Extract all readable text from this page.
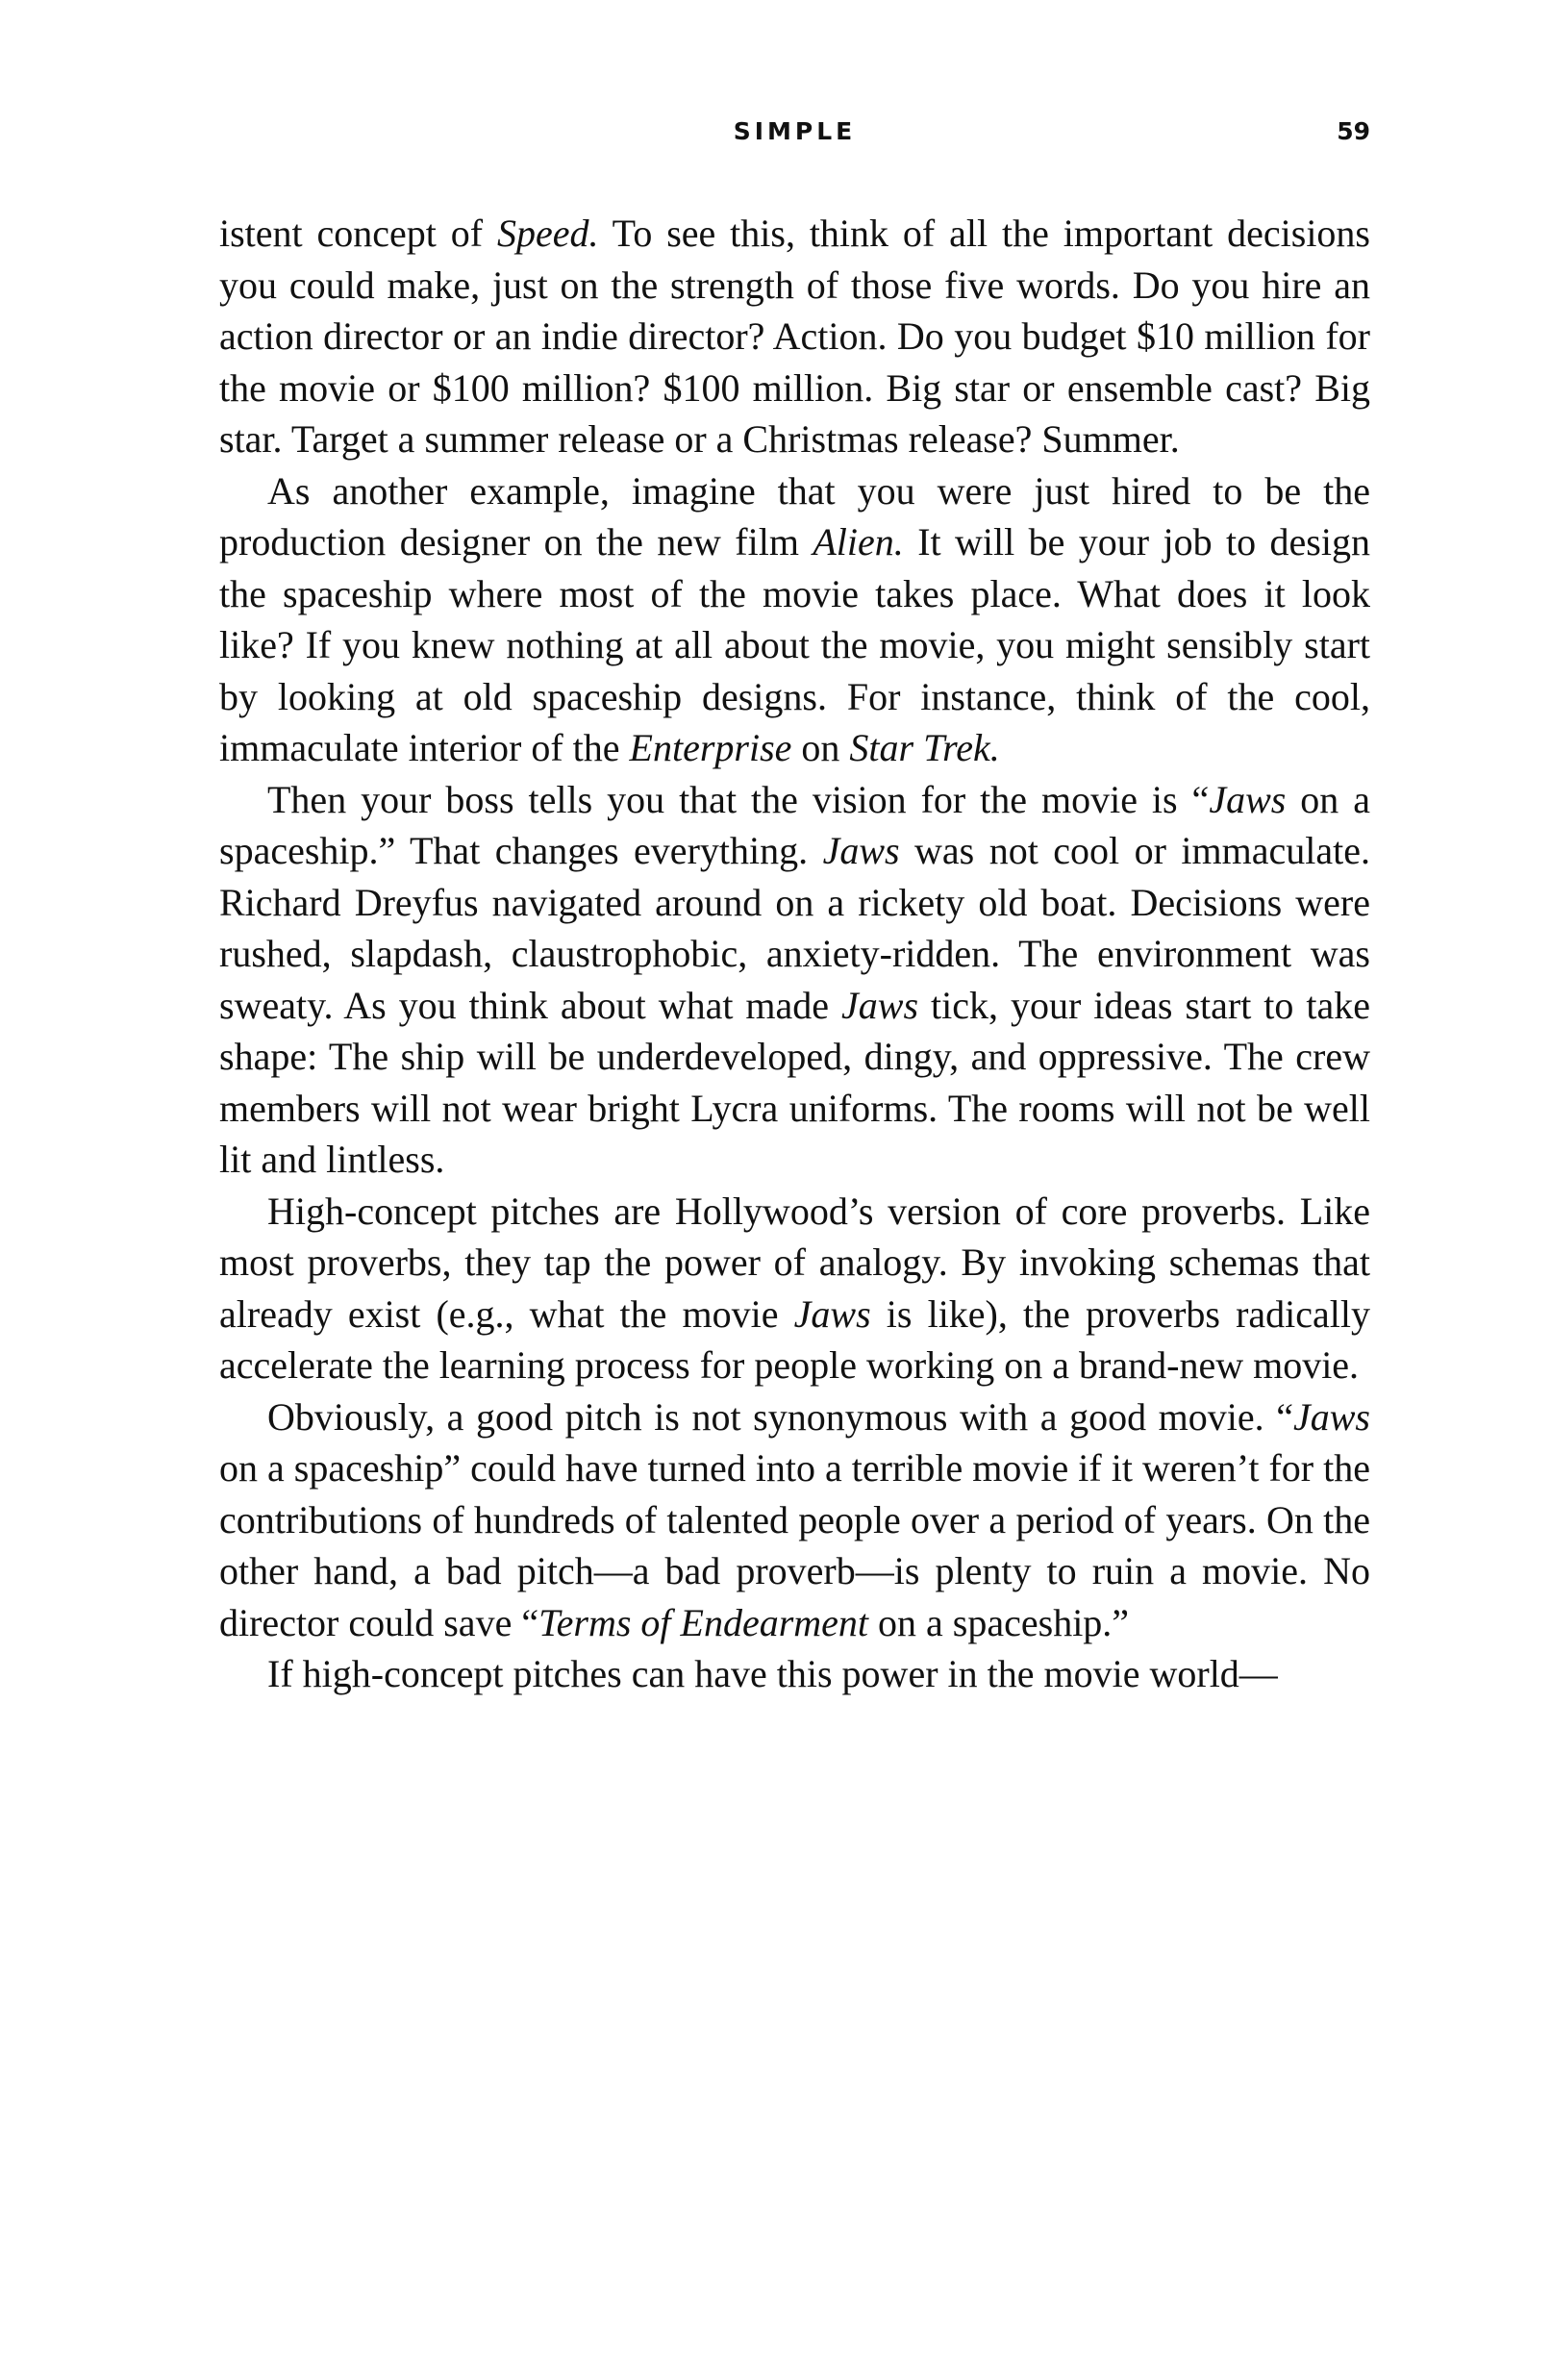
SIMPLE	59

istent concept of Speed. To see this, think of all the important decisions you could make, just on the strength of those five words. Do you hire an action director or an indie director? Action. Do you budget $10 million for the movie or $100 million? $100 million. Big star or ensemble cast? Big star. Target a summer release or a Christmas release? Summer.

As another example, imagine that you were just hired to be the production designer on the new film Alien. It will be your job to design the spaceship where most of the movie takes place. What does it look like? If you knew nothing at all about the movie, you might sensibly start by looking at old spaceship designs. For instance, think of the cool, immaculate interior of the Enterprise on Star Trek.

Then your boss tells you that the vision for the movie is “Jaws on a spaceship.” That changes everything. Jaws was not cool or immaculate. Richard Dreyfus navigated around on a rickety old boat. Decisions were rushed, slapdash, claustrophobic, anxiety-ridden. The environment was sweaty. As you think about what made Jaws tick, your ideas start to take shape: The ship will be underdeveloped, dingy, and oppressive. The crew members will not wear bright Lycra uniforms. The rooms will not be well lit and lintless.

High-concept pitches are Hollywood’s version of core proverbs. Like most proverbs, they tap the power of analogy. By invoking schemas that already exist (e.g., what the movie Jaws is like), the proverbs radically accelerate the learning process for people working on a brand-new movie.

Obviously, a good pitch is not synonymous with a good movie. “Jaws on a spaceship” could have turned into a terrible movie if it weren’t for the contributions of hundreds of talented people over a period of years. On the other hand, a bad pitch—a bad proverb—is plenty to ruin a movie. No director could save “Terms of Endearment on a spaceship.”

If high-concept pitches can have this power in the movie world—
